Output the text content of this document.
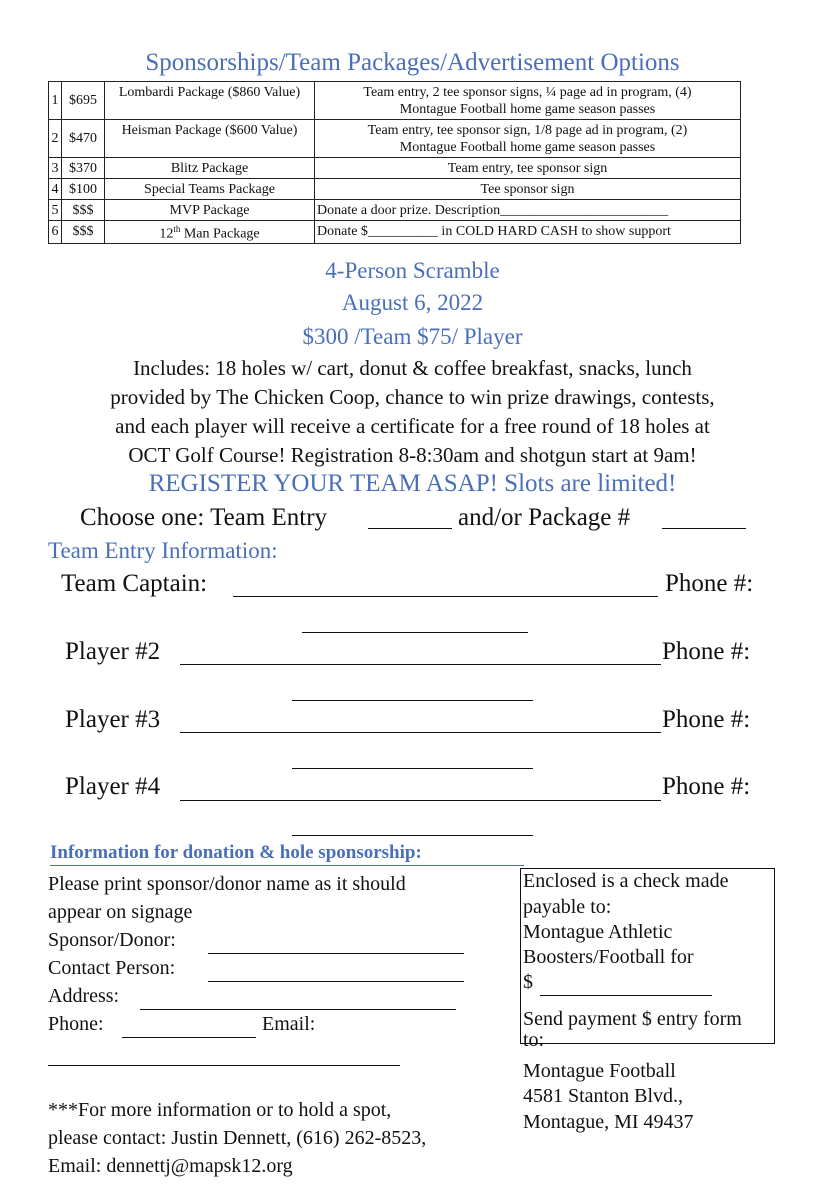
Sponsorships/Team Packages/Advertisement Options
1	$695	Lombardi Package ($860 Value)	Team entry, 2 tee sponsor signs, ¼ page ad in program, (4)
Montague Football home game season passes

2	$470	Heisman Package ($600 Value)	Team entry, tee sponsor sign, 1/8 page ad in program, (2)
Montague Football home game season passes

3	$370	Blitz Package	Team entry, tee sponsor sign
4	$100	Special Teams Package	Tee sponsor sign
5	$$$	MVP Package	Donate a door prize. Description________________________
6	$$$	12th Man Package	Donate $__________ in COLD HARD CASH to show support
4-Person Scramble
August 6, 2022
$300 /Team $75/ Player
Includes: 18 holes w/ cart, donut & coffee breakfast, snacks, lunch
provided by The Chicken Coop, chance to win prize drawings, contests,
and each player will receive a certificate for a free round of 18 holes at
OCT Golf Course! Registration 8-8:30am and shotgun start at 9am!
REGISTER YOUR TEAM ASAP! Slots are limited!
Choose one: Team Entry	and/or Package #
Team Entry Information:
Team Captain:	Phone #:
Player #2	Phone #:
Player #3	Phone #:
Player #4	Phone #:
Information for donation & hole sponsorship:
Please print sponsor/donor name as it should
appear on signage
Sponsor/Donor:
Contact Person:
Address:
Phone:	Email:
Enclosed is a check made
payable to:
Montague Athletic
Boosters/Football for
$
Send payment $ entry form
to:
Montague Football
4581 Stanton Blvd.,
Montague, MI 49437
***For more information or to hold a spot,
please contact: Justin Dennett, (616) 262-8523,
Email: dennettj@mapsk12.org
